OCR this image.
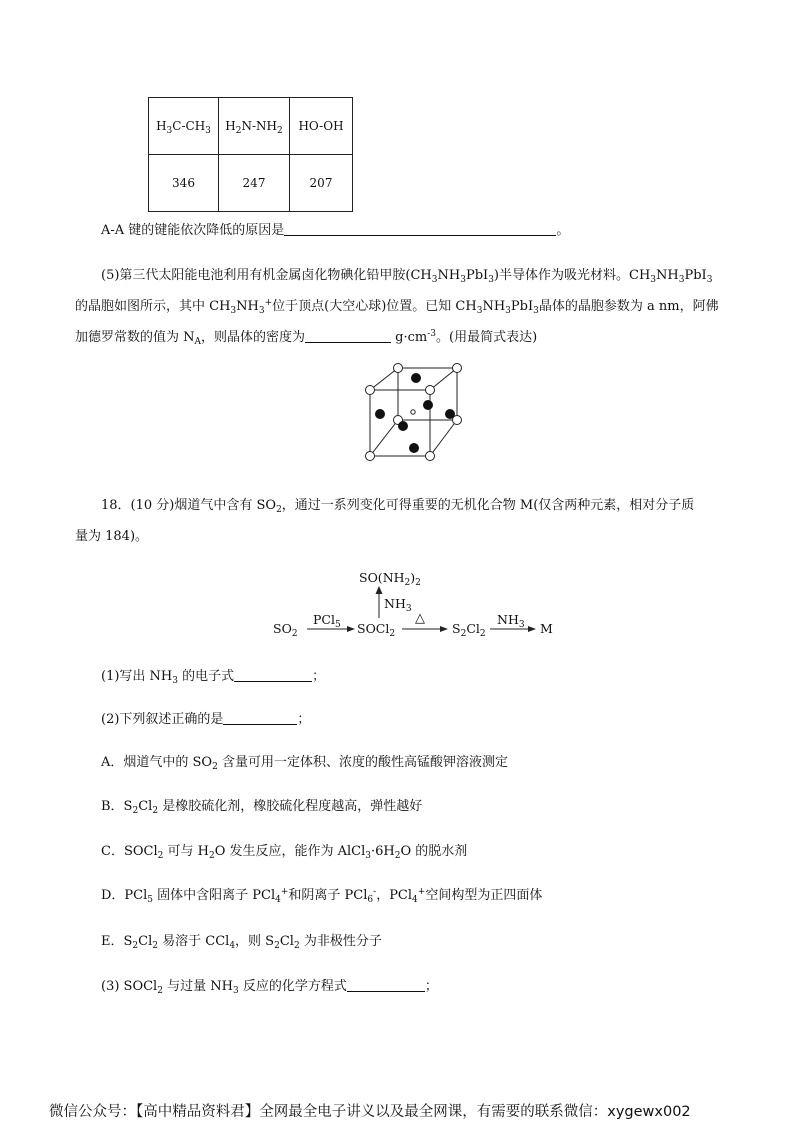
$H_3C-CH_3$	$H_2N-NH_2$	HO-OH
346	247	207
A-A 键的键能依次降低的原因是	。
(5)第三代太阳能电池利用有机金属卤化物碘化铅甲胺$(CH_3NH_3PbI_3)$半导体作为吸光材料。$CH_3NH_3PbI_3$
的晶胞如图所示，其中 $CH_3NH_3^+$位于顶点(大空心球)位置。已知 $CH_3NH_3PbI_3$晶体的晶胞参数为 a nm，阿佛
加德罗常数的值为 $N_A$，则晶体的密度为	$g\cdot cm^{-3}$。(用最简式表达)
18．(10 分)烟道气中含有 $SO_2$，通过一系列变化可得重要的无机化合物 M(仅含两种元素，相对分子质
量为 184)。
$SO(NH_2)_2$
$NH_3$
$SO_2$
PCl$_5$ SOCl$_2$
△
$S_2Cl_2$
$NH_3$ M
(1)写出 $NH_3$ 的电子式	；
(2)下列叙述正确的是	；
A．烟道气中的 $SO_2$ 含量可用一定体积、浓度的酸性高锰酸钾溶液测定
B．$S_2Cl_2$ 是橡胶硫化剂，橡胶硫化程度越高，弹性越好
C．SOCl$_2$ 可与 $H_2O$ 发生反应，能作为 $AlCl_3\cdot 6H_2O$ 的脱水剂
D．PCl$_5$ 固体中含阳离子 PCl$_4$+和阴离子 PCl$_6$-，PCl$_4$+空间构型为正四面体
E．$S_2Cl_2$ 易溶于 CCl$_4$，则 $S_2Cl_2$ 为非极性分子
(3) SOCl$_2$ 与过量 $NH_3$ 反应的化学方程式	；
微信公众号：【高中精品资料君】全网最全电子讲义以及最全网课，有需要的联系微信：xygewx002
